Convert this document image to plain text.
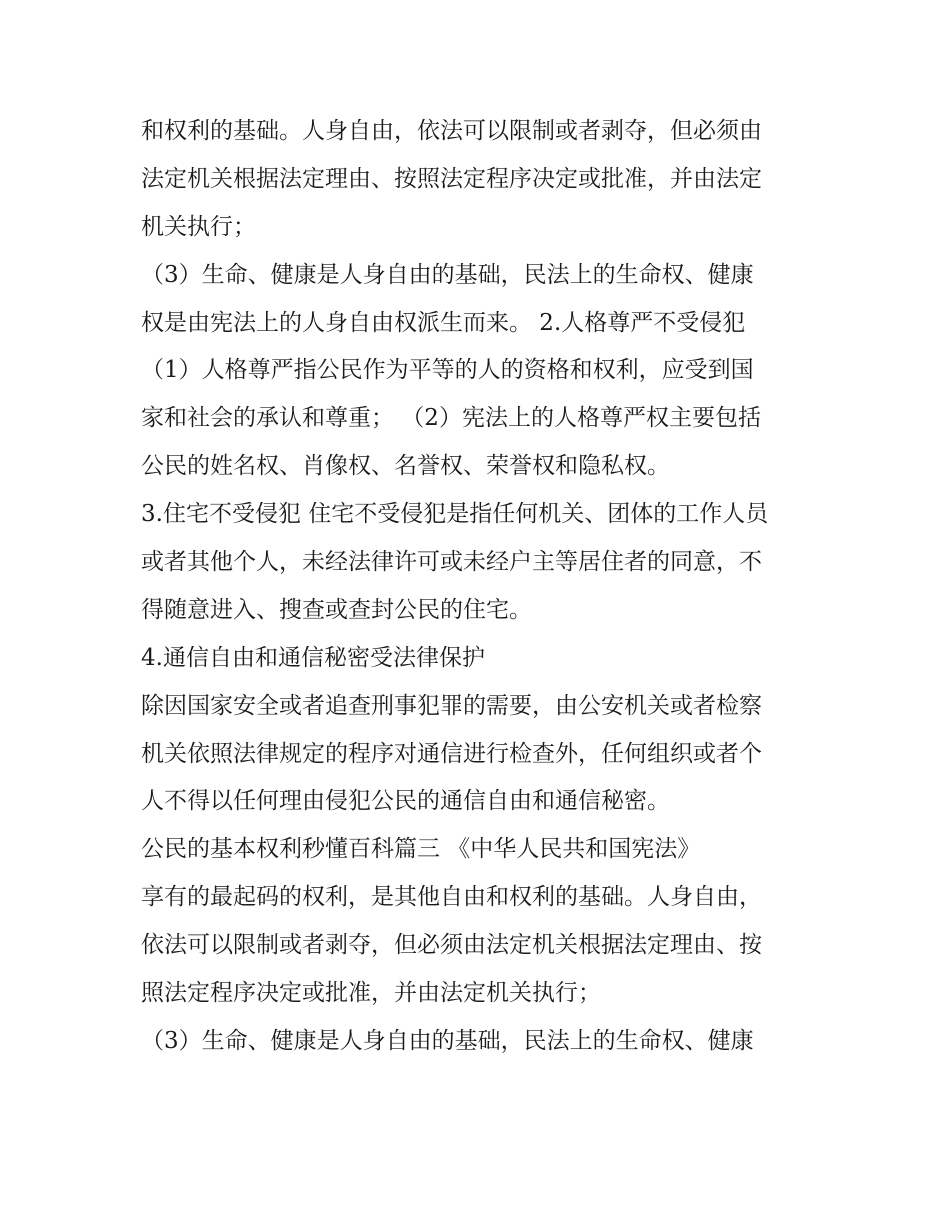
和权利的基础。人身自由，依法可以限制或者剥夺，但必须由
法定机关根据法定理由、按照法定程序决定或批准，并由法定
机关执行；
（3）生命、健康是人身自由的基础，民法上的生命权、健康
权是由宪法上的人身自由权派生而来。 2.人格尊严不受侵犯
（1）人格尊严指公民作为平等的人的资格和权利，应受到国
家和社会的承认和尊重； （2）宪法上的人格尊严权主要包括
公民的姓名权、肖像权、名誉权、荣誉权和隐私权。
3.住宅不受侵犯 住宅不受侵犯是指任何机关、团体的工作人员
或者其他个人，未经法律许可或未经户主等居住者的同意，不
得随意进入、搜查或查封公民的住宅。
4.通信自由和通信秘密受法律保护
除因国家安全或者追查刑事犯罪的需要，由公安机关或者检察
机关依照法律规定的程序对通信进行检查外，任何组织或者个
人不得以任何理由侵犯公民的通信自由和通信秘密。
公民的基本权利秒懂百科篇三 《中华人民共和国宪法》
享有的最起码的权利，是其他自由和权利的基础。人身自由，
依法可以限制或者剥夺，但必须由法定机关根据法定理由、按
照法定程序决定或批准，并由法定机关执行；
（3）生命、健康是人身自由的基础，民法上的生命权、健康
